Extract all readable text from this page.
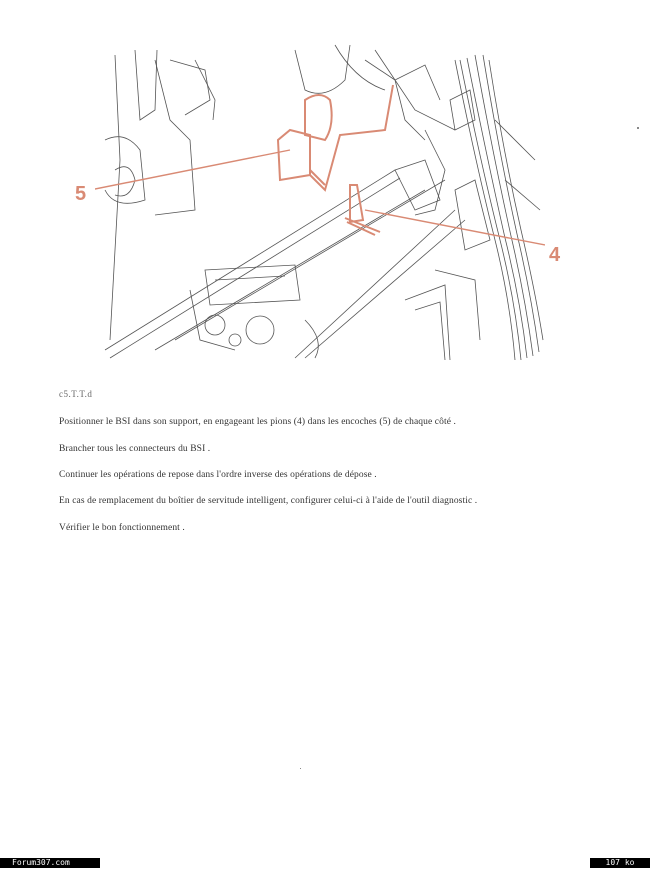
5
4
c5.T.T.d
Positionner le BSI dans son support, en engageant les pions (4) dans les encoches (5) de chaque côté .
Brancher tous les connecteurs du BSI .
Continuer les opérations de repose dans l'ordre inverse des opérations de dépose .
En cas de remplacement du boîtier de servitude intelligent, configurer celui-ci à l'aide de l'outil diagnostic .
Vérifier le bon fonctionnement .
Forum307.com	107 ko
